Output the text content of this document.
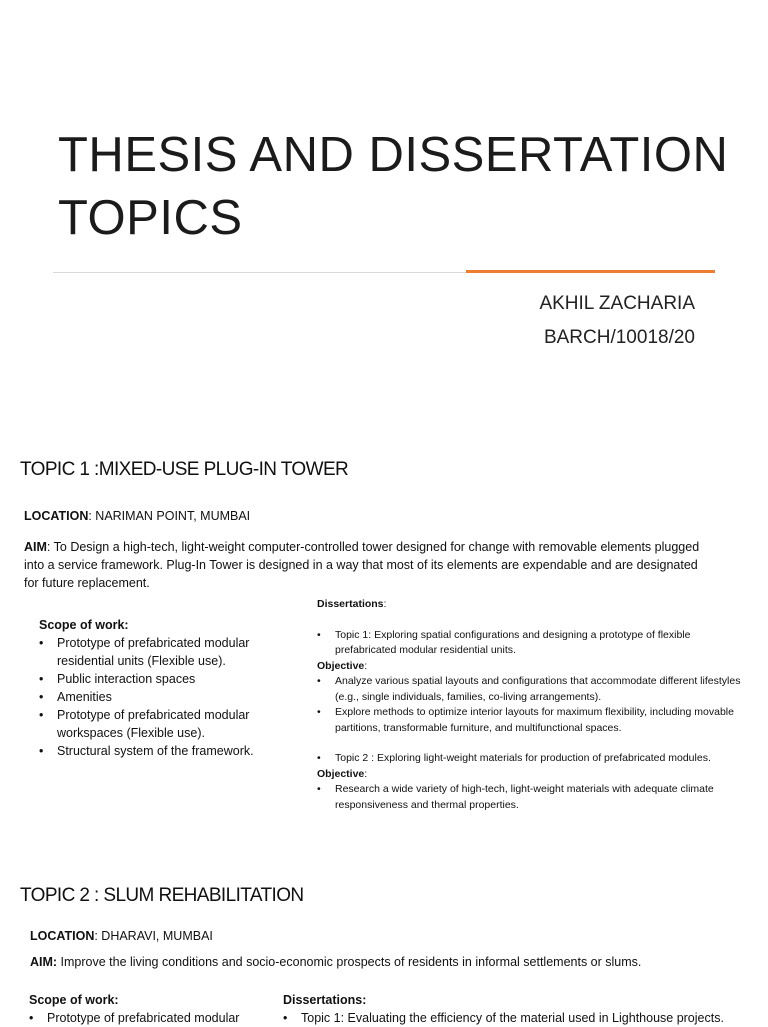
THESIS AND DISSERTATION TOPICS
AKHIL ZACHARIA
BARCH/10018/20
TOPIC 1 :MIXED-USE PLUG-IN TOWER
LOCATION: NARIMAN POINT, MUMBAI
AIM: To Design a high-tech, light-weight computer-controlled tower designed for change with removable elements plugged into a service framework. Plug-In Tower is designed in a way that most of its elements are expendable and are designated for future replacement.
Scope of work:
• Prototype of prefabricated modular residential units (Flexible use).
• Public interaction spaces
• Amenities
• Prototype of prefabricated modular workspaces (Flexible use).
• Structural system of the framework.
Dissertations:
• Topic 1: Exploring spatial configurations and designing a prototype of flexible prefabricated modular residential units.
Objective:
• Analyze various spatial layouts and configurations that accommodate different lifestyles (e.g., single individuals, families, co-living arrangements).
• Explore methods to optimize interior layouts for maximum flexibility, including movable partitions, transformable furniture, and multifunctional spaces.
• Topic 2 : Exploring light-weight materials for production of prefabricated modules.
Objective:
• Research a wide variety of high-tech, light-weight materials with adequate climate responsiveness and thermal properties.
TOPIC 2 : SLUM REHABILITATION
LOCATION: DHARAVI, MUMBAI
AIM: Improve the living conditions and socio-economic prospects of residents in informal settlements or slums.
Scope of work:
• Prototype of prefabricated modular
Dissertations:
• Topic 1: Evaluating the efficiency of the material used in Lighthouse projects.
